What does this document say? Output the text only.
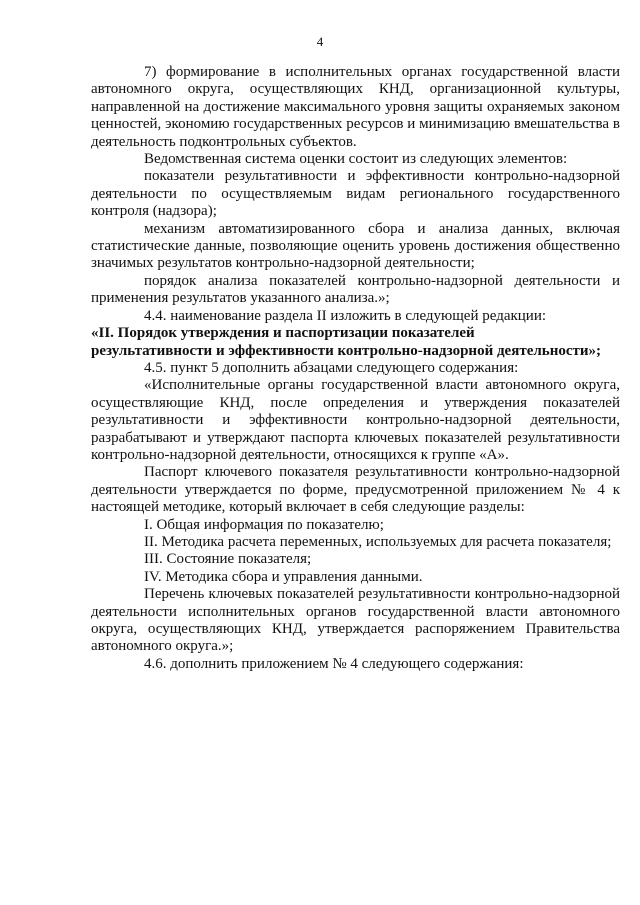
4

7) формирование в исполнительных органах государственной власти автономного округа, осуществляющих КНД, организационной культуры, направленной на достижение максимального уровня защиты охраняемых законом ценностей, экономию государственных ресурсов и минимизацию вмешательства в деятельность подконтрольных субъектов.

Ведомственная система оценки состоит из следующих элементов:

показатели результативности и эффективности контрольно-надзорной деятельности по осуществляемым видам регионального государственного контроля (надзора);

механизм автоматизированного сбора и анализа данных, включая статистические данные, позволяющие оценить уровень достижения общественно значимых результатов контрольно-надзорной деятельности;

порядок анализа показателей контрольно-надзорной деятельности и применения результатов указанного анализа.»;

4.4. наименование раздела II изложить в следующей редакции:

«II. Порядок утверждения и паспортизации показателей

результативности и эффективности контрольно-надзорной деятельности»;

4.5. пункт 5 дополнить абзацами следующего содержания:

«Исполнительные органы государственной власти автономного округа, осуществляющие КНД, после определения и утверждения показателей результативности и эффективности контрольно-надзорной деятельности, разрабатывают и утверждают паспорта ключевых показателей результативности контрольно-надзорной деятельности, относящихся к группе «А».

Паспорт ключевого показателя результативности контрольно-надзорной деятельности утверждается по форме, предусмотренной приложением № 4 к настоящей методике, который включает в себя следующие разделы:

I. Общая информация по показателю;

II. Методика расчета переменных, используемых для расчета показателя;

III. Состояние показателя;

IV. Методика сбора и управления данными.

Перечень ключевых показателей результативности контрольно-надзорной деятельности исполнительных органов государственной власти автономного округа, осуществляющих КНД, утверждается распоряжением Правительства автономного округа.»;

4.6. дополнить приложением № 4 следующего содержания:
